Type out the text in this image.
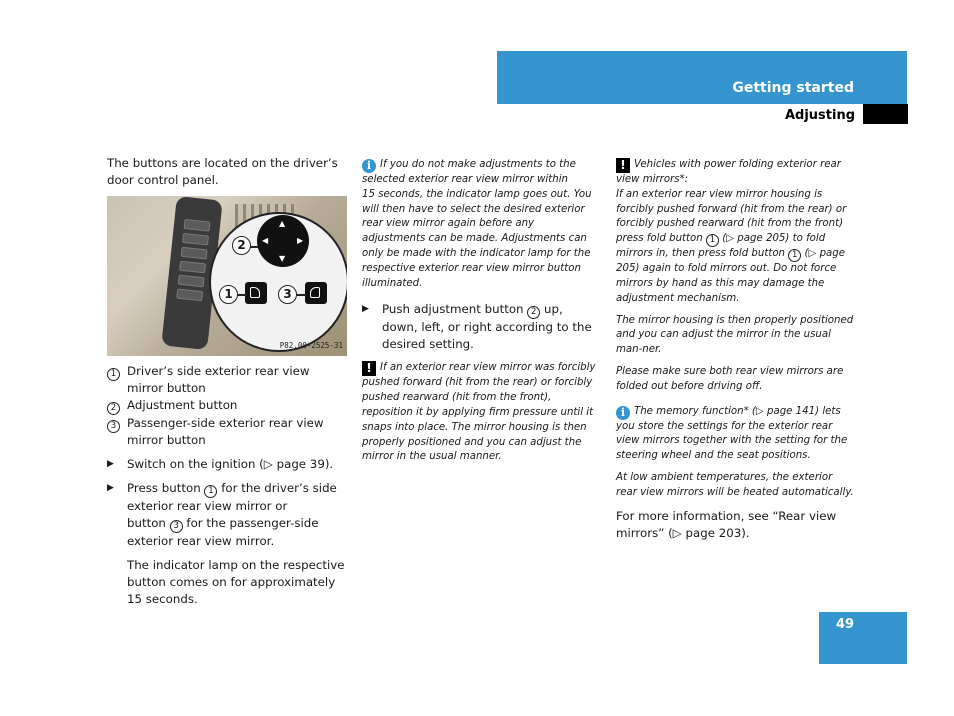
Getting started
Adjusting

The buttons are located on the driver’s door control panel.

▲
▼
◀	▶
2
1	3
P82.00-2525-31
1 Driver’s side exterior rear view mirror button
2 Adjustment button
3 Passenger-side exterior rear view mirror button
▶	Switch on the ignition (▷ page 39).
▶	Press button 1 for the driver’s side exterior rear view mirror or
button 3 for the passenger-side exterior rear view mirror.

The indicator lamp on the respective button comes on for approximately 15 seconds.

i If you do not make adjustments to the selected exterior rear view mirror within
15 seconds, the indicator lamp goes out. You will then have to select the desired exterior rear view mirror again before any adjustments can be made. Adjustments can only be made with the indicator lamp for the respective exterior rear view mirror button illuminated.

▶	Push adjustment button 2 up, down, left, or right according to the desired setting.

! If an exterior rear view mirror was forcibly pushed forward (hit from the rear) or forcibly pushed rearward (hit from the front), reposition it by applying firm pressure until it snaps into place. The mirror housing is then properly positioned and you can adjust the mirror in the usual manner.

! Vehicles with power folding exterior rear view mirrors*:
If an exterior rear view mirror housing is forcibly pushed forward (hit from the rear) or forcibly pushed rearward (hit from the front) press fold button 1 (▷ page 205) to fold mirrors in, then press fold button 1 (▷ page 205) again to fold mirrors out. Do not force mirrors by hand as this may damage the adjustment mechanism.

The mirror housing is then properly positioned and you can adjust the mirror in the usual man-ner.

Please make sure both rear view mirrors are folded out before driving off.

i The memory function* (▷ page 141) lets you store the settings for the exterior rear view mirrors together with the setting for the steering wheel and the seat positions.

At low ambient temperatures, the exterior rear view mirrors will be heated automatically.

For more information, see “Rear view mirrors” (▷ page 203).

49
